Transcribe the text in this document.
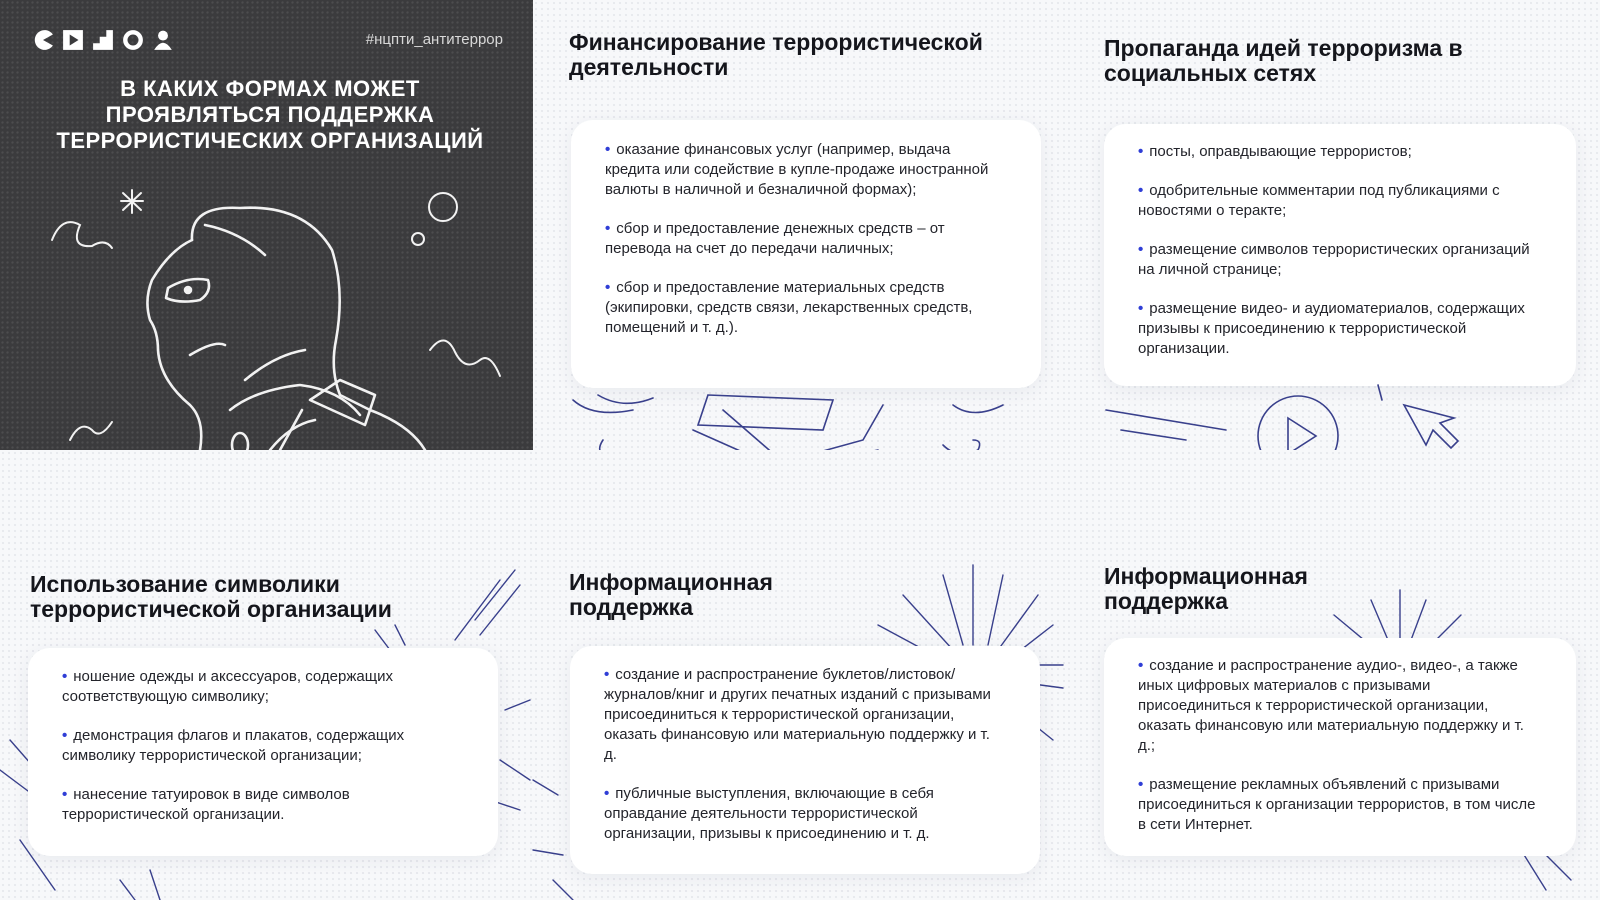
#нцпти_антитеррор
В КАКИХ ФОРМАХ МОЖЕТ ПРОЯВЛЯТЬСЯ ПОДДЕРЖКА ТЕРРОРИСТИЧЕСКИХ ОРГАНИЗАЦИЙ
Финансирование террористической деятельности
• оказание финансовых услуг (например, выдача кредита или содействие в купле-продаже иностранной валюты в наличной и безналичной формах);
• сбор и предоставление денежных средств – от перевода на счет до передачи наличных;
• сбор и предоставление материальных средств (экипировки, средств связи, лекарственных средств, помещений и т. д.).
Пропаганда идей терроризма в социальных сетях
• посты, оправдывающие террористов;
• одобрительные комментарии под публикациями с новостями о теракте;
• размещение символов террористических организаций на личной странице;
• размещение видео- и аудиоматериалов, содержащих призывы к присоединению к террористической организации.
Использование символики террористической организации
• ношение одежды и аксессуаров, содержащих соответствующую символику;
• демонстрация флагов и плакатов, содержащих символику террористической организации;
• нанесение татуировок в виде символов террористической организации.
Информационная поддержка
• создание и распространение буклетов/листовок/журналов/книг и других печатных изданий с призывами присоединиться к террористической организации, оказать финансовую или материальную поддержку и т. д.
• публичные выступления, включающие в себя оправдание деятельности террористической организации, призывы к присоединению и т. д.
Информационная поддержка
• создание и распространение аудио-, видео-, а также иных цифровых материалов с призывами присоединиться к террористической организации, оказать финансовую или материальную поддержку и т. д.;
• размещение рекламных объявлений с призывами присоединиться к организации террористов, в том числе в сети Интернет.
